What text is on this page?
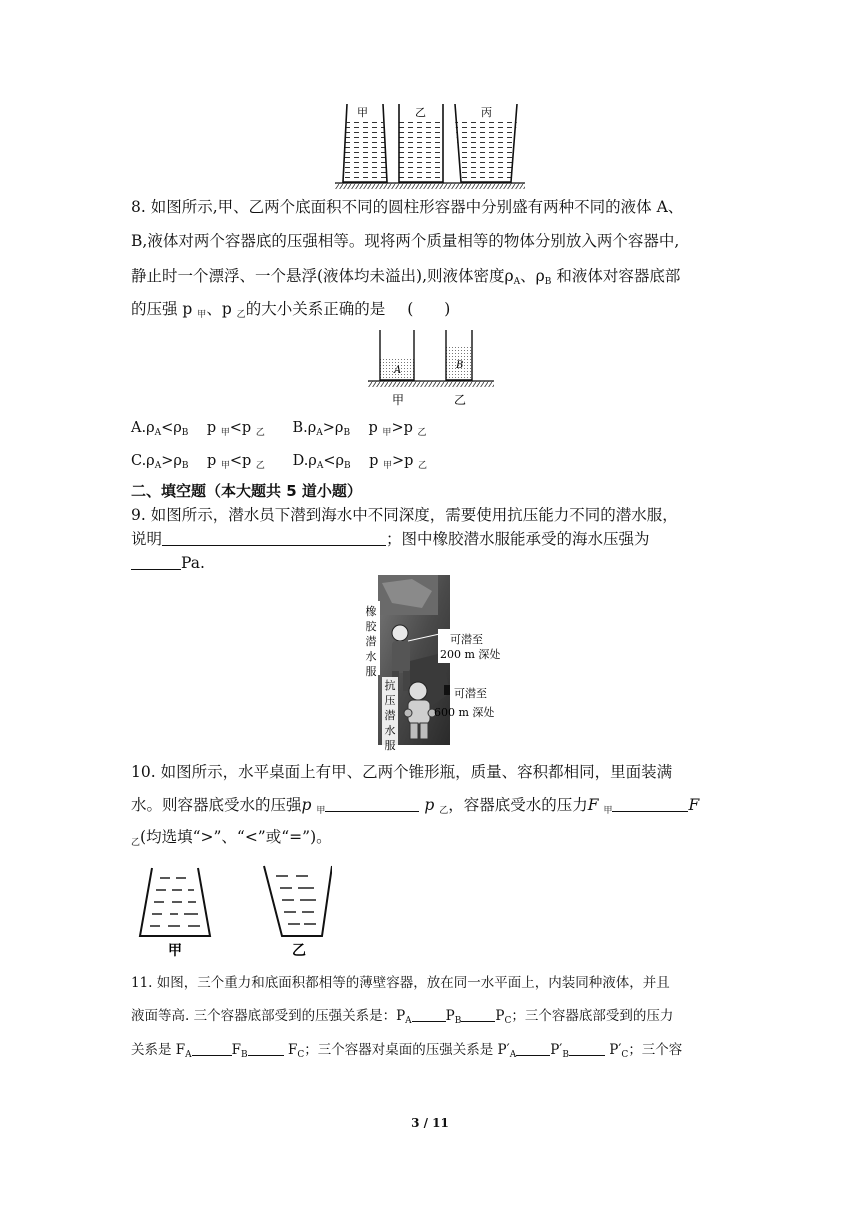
甲	乙	丙
8. 如图所示,甲、乙两个底面积不同的圆柱形容器中分别盛有两种不同的液体 A、
B,液体对两个容器底的压强相等。现将两个质量相等的物体分别放入两个容器中,
静止时一个漂浮、一个悬浮(液体均未溢出),则液体密度$\rho_A$、$\rho_B$ 和液体对容器底部
的压强 p $_甲$、p $_乙$的大小关系正确的是 (　　)
A	B
甲	乙
$A.\rho_A<\rho_B$    p $_甲$<p $_乙$ $B.\rho_A>\rho_B$    p $_甲$>p $_乙$
$C.\rho_A>\rho_B$    p $_甲$<p $_乙$ $D.\rho_A<\rho_B$    p $_甲$>p $_乙$
二、填空题（本大题共 5 道小题）
9. 如图所示，潜水员下潜到海水中不同深度，需要使用抗压能力不同的潜水服，
说明	；图中橡胶潜水服能承受的海水压强为
Pa.
橡胶潜水服
抗压潜水服
可潜至
200 m 深处
可潜至
600 m 深处
10. 如图所示，水平桌面上有甲、乙两个锥形瓶，质量、容积都相同，里面装满
水。则容器底受水的压强p $_甲$	p $_乙$，容器底受水的压力F $_甲$	F
$_乙$(均选填“>”、“<”或“=”)。
甲	乙
11. 如图，三个重力和底面积都相等的薄壁容器，放在同一水平面上，内装同种液体，并且
液面等高. 三个容器底部受到的压强关系是：$P_A$	$P_B$	$P_C$；三个容器底部受到的压力
关系是 $F_A$	$F_B$	$F_C$；三个容器对桌面的压强关系是 $P'_A$	$P'_B$	$P'_C$；三个容
3 / 11
